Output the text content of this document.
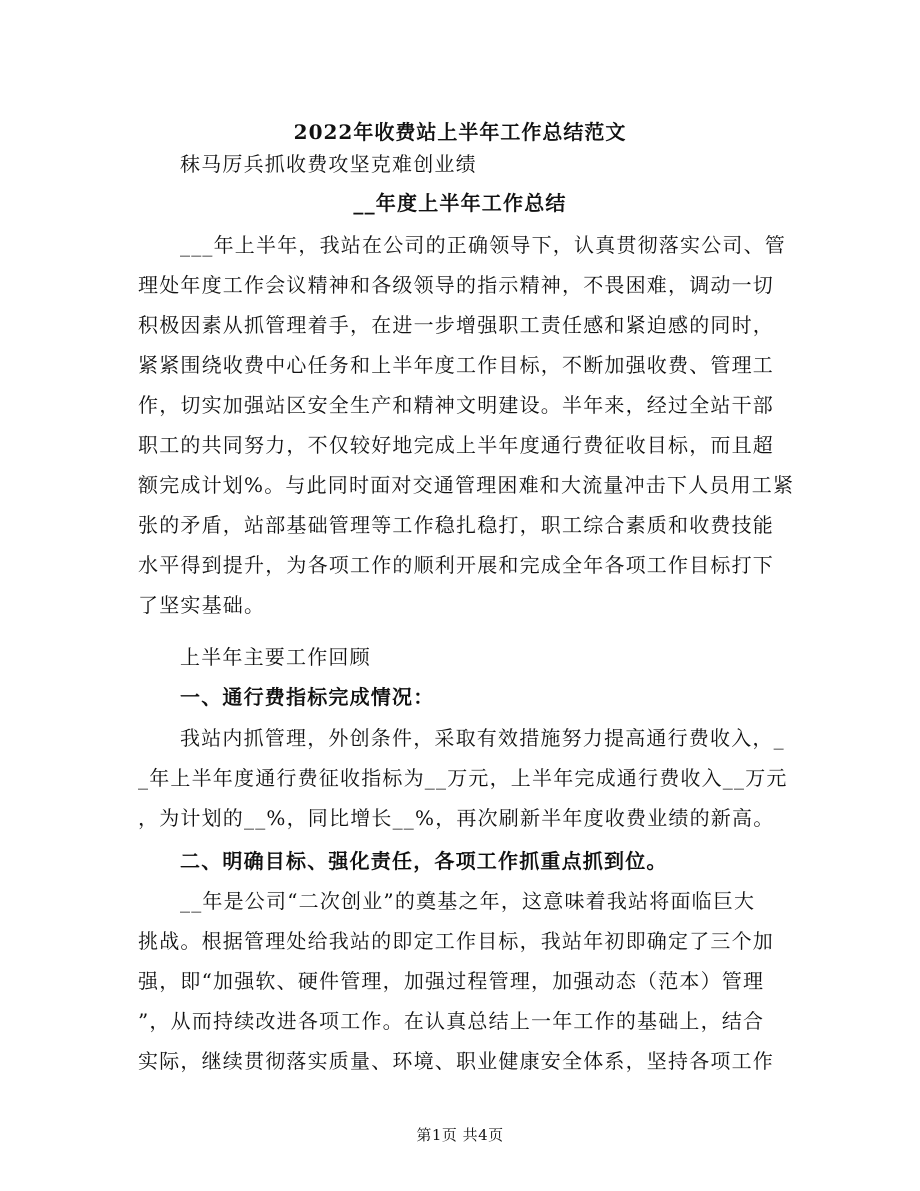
2022年收费站上半年工作总结范文
秣马厉兵抓收费攻坚克难创业绩
__年度上半年工作总结
___年上半年，我站在公司的正确领导下，认真贯彻落实公司、管
理处年度工作会议精神和各级领导的指示精神，不畏困难，调动一切
积极因素从抓管理着手，在进一步增强职工责任感和紧迫感的同时，
紧紧围绕收费中心任务和上半年度工作目标，不断加强收费、管理工
作，切实加强站区安全生产和精神文明建设。半年来，经过全站干部
职工的共同努力，不仅较好地完成上半年度通行费征收目标，而且超
额完成计划%。与此同时面对交通管理困难和大流量冲击下人员用工紧
张的矛盾，站部基础管理等工作稳扎稳打，职工综合素质和收费技能
水平得到提升，为各项工作的顺利开展和完成全年各项工作目标打下
了坚实基础。
上半年主要工作回顾
一、通行费指标完成情况：
我站内抓管理，外创条件，采取有效措施努力提高通行费收入，_
_年上半年度通行费征收指标为__万元，上半年完成通行费收入__万元
，为计划的__%，同比增长__%，再次刷新半年度收费业绩的新高。
二、明确目标、强化责任，各项工作抓重点抓到位。
__年是公司“二次创业”的奠基之年，这意味着我站将面临巨大
挑战。根据管理处给我站的即定工作目标，我站年初即确定了三个加
强，即“加强软、硬件管理，加强过程管理，加强动态（范本）管理
”，从而持续改进各项工作。在认真总结上一年工作的基础上，结合
实际，继续贯彻落实质量、环境、职业健康安全体系，坚持各项工作
第1页 共4页
